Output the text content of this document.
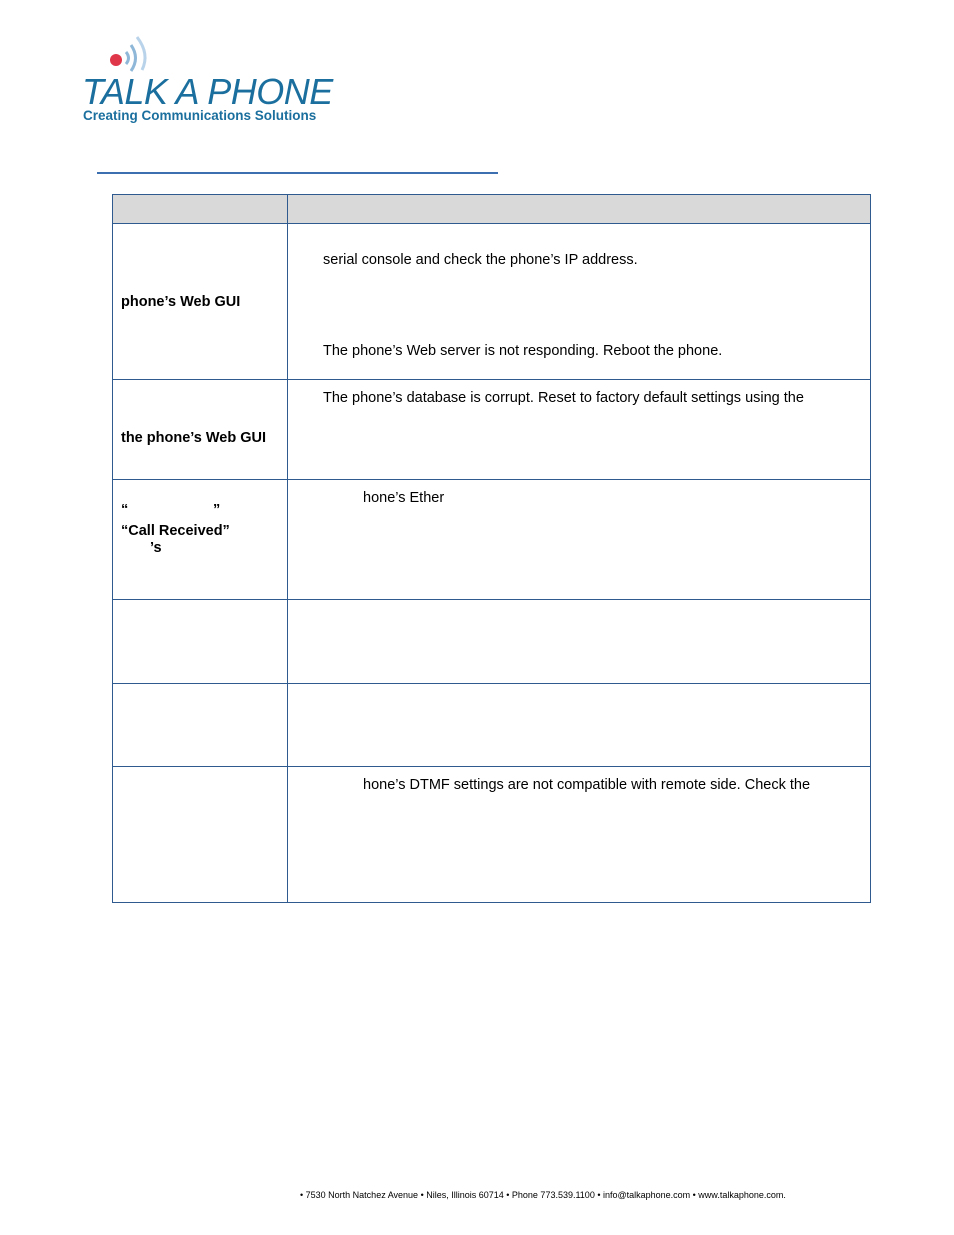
TALK A PHONE
Creating Communications Solutions

phone’s Web GUI	serial console and check the phone’s IP address.
The phone’s Web server is not responding. Reboot the phone.

the phone’s Web GUI	The phone’s database is corrupt. Reset to factory default settings using the

“ ”
“Call Received”
’s	hone’s Ether

	hone’s DTMF settings are not compatible with remote side. Check the
• 7530 North Natchez Avenue • Niles, Illinois 60714 • Phone 773.539.1100 • info@talkaphone.com • www.talkaphone.com.
